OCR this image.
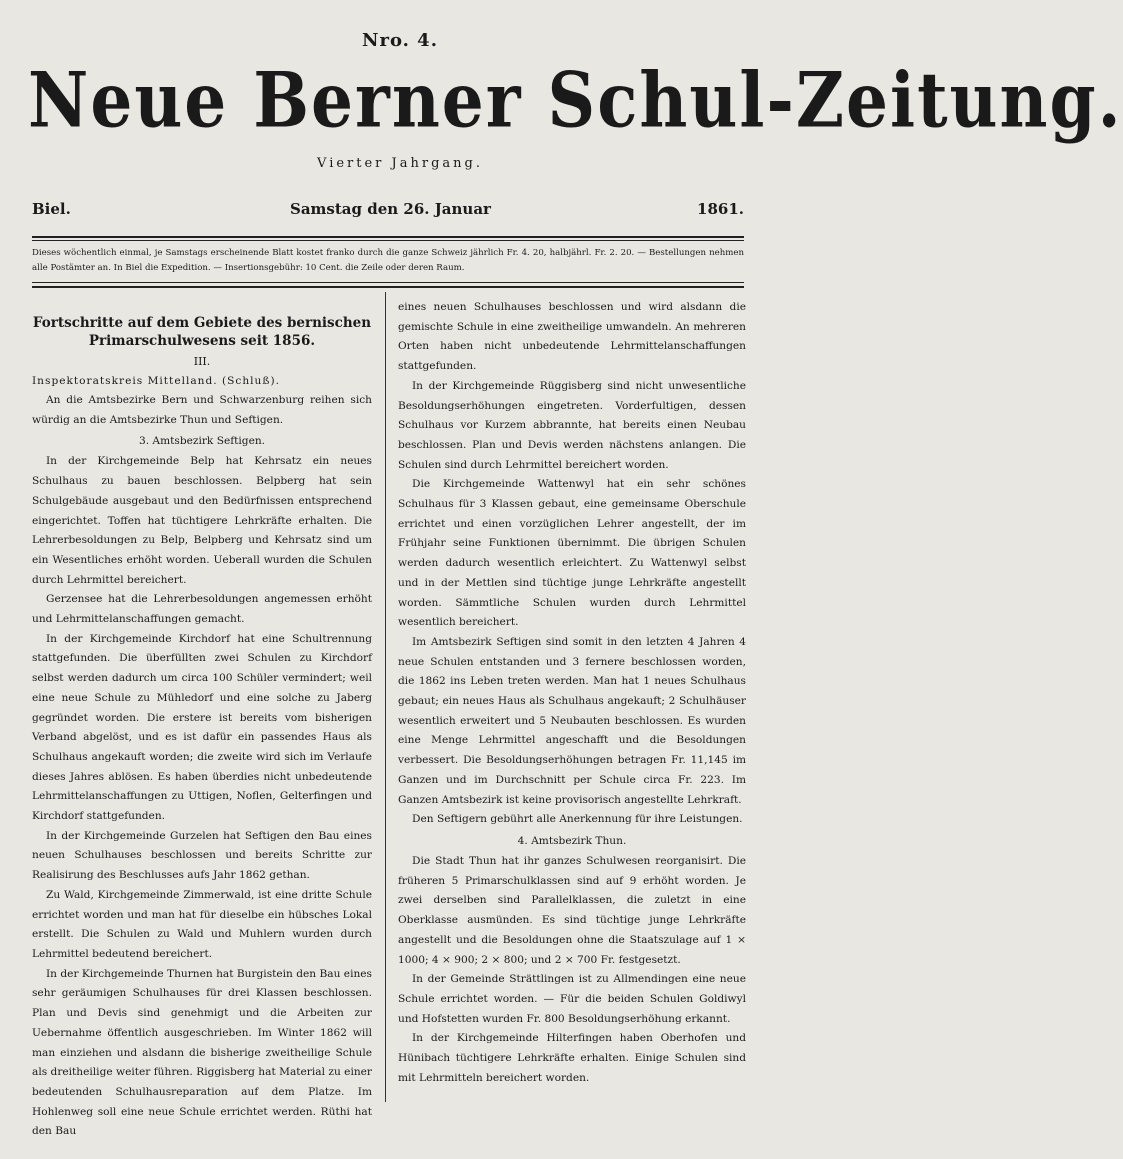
Nro. 4.
Neue Berner Schul-Zeitung.
Vierter Jahrgang.
Biel.	Samstag den 26. Januar	1861.
Dieses wöchentlich einmal, je Samstags erscheinende Blatt kostet franko durch die ganze Schweiz jährlich Fr. 4. 20, halbjährl. Fr. 2. 20. — Bestellungen nehmen alle Postämter an. In Biel die Expedition. — Insertionsgebühr: 10 Cent. die Zeile oder deren Raum.
Fortschritte auf dem Gebiete des bernischen Primarschulwesens seit 1856.
III.
Inspektoratskreis Mittelland. (Schluß).

An die Amtsbezirke Bern und Schwarzenburg reihen sich würdig an die Amtsbezirke Thun und Seftigen.

3. Amtsbezirk Seftigen.

In der Kirchgemeinde Belp hat Kehrsatz ein neues Schulhaus zu bauen beschlossen. Belpberg hat sein Schulgebäude ausgebaut und den Bedürfnissen entsprechend eingerichtet. Toffen hat tüchtigere Lehrkräfte erhalten. Die Lehrerbesoldungen zu Belp, Belpberg und Kehrsatz sind um ein Wesentliches erhöht worden. Ueberall wurden die Schulen durch Lehrmittel bereichert.

Gerzensee hat die Lehrerbesoldungen angemessen erhöht und Lehrmittelanschaffungen gemacht.

In der Kirchgemeinde Kirchdorf hat eine Schultrennung stattgefunden. Die überfüllten zwei Schulen zu Kirchdorf selbst werden dadurch um circa 100 Schüler vermindert; weil eine neue Schule zu Mühledorf und eine solche zu Jaberg gegründet worden. Die erstere ist bereits vom bisherigen Verband abgelöst, und es ist dafür ein passendes Haus als Schulhaus angekauft worden; die zweite wird sich im Verlaufe dieses Jahres ablösen. Es haben überdies nicht unbedeutende Lehrmittelanschaffungen zu Uttigen, Noflen, Gelterfingen und Kirchdorf stattgefunden.

In der Kirchgemeinde Gurzelen hat Seftigen den Bau eines neuen Schulhauses beschlossen und bereits Schritte zur Realisirung des Beschlusses aufs Jahr 1862 gethan.

Zu Wald, Kirchgemeinde Zimmerwald, ist eine dritte Schule errichtet worden und man hat für dieselbe ein hübsches Lokal erstellt. Die Schulen zu Wald und Muhlern wurden durch Lehrmittel bedeutend bereichert.

In der Kirchgemeinde Thurnen hat Burgistein den Bau eines sehr geräumigen Schulhauses für drei Klassen beschlossen. Plan und Devis sind genehmigt und die Arbeiten zur Uebernahme öffentlich ausgeschrieben. Im Winter 1862 will man einziehen und alsdann die bisherige zweitheilige Schule als dreitheilige weiter führen. Riggisberg hat Material zu einer bedeutenden Schulhausreparation auf dem Platze. Im Hohlenweg soll eine neue Schule errichtet werden. Rüthi hat den Bau

eines neuen Schulhauses beschlossen und wird alsdann die gemischte Schule in eine zweitheilige umwandeln. An mehreren Orten haben nicht unbedeutende Lehrmittelanschaffungen stattgefunden.

In der Kirchgemeinde Rüggisberg sind nicht unwesentliche Besoldungserhöhungen eingetreten. Vorderfultigen, dessen Schulhaus vor Kurzem abbrannte, hat bereits einen Neubau beschlossen. Plan und Devis werden nächstens anlangen. Die Schulen sind durch Lehrmittel bereichert worden.

Die Kirchgemeinde Wattenwyl hat ein sehr schönes Schulhaus für 3 Klassen gebaut, eine gemeinsame Oberschule errichtet und einen vorzüglichen Lehrer angestellt, der im Frühjahr seine Funktionen übernimmt. Die übrigen Schulen werden dadurch wesentlich erleichtert. Zu Wattenwyl selbst und in der Mettlen sind tüchtige junge Lehrkräfte angestellt worden. Sämmtliche Schulen wurden durch Lehrmittel wesentlich bereichert.

Im Amtsbezirk Seftigen sind somit in den letzten 4 Jahren 4 neue Schulen entstanden und 3 fernere beschlossen worden, die 1862 ins Leben treten werden. Man hat 1 neues Schulhaus gebaut; ein neues Haus als Schulhaus angekauft; 2 Schulhäuser wesentlich erweitert und 5 Neubauten beschlossen. Es wurden eine Menge Lehrmittel angeschafft und die Besoldungen verbessert. Die Besoldungserhöhungen betragen Fr. 11,145 im Ganzen und im Durchschnitt per Schule circa Fr. 223. Im Ganzen Amtsbezirk ist keine provisorisch angestellte Lehrkraft.

Den Seftigern gebührt alle Anerkennung für ihre Leistungen.

4. Amtsbezirk Thun.

Die Stadt Thun hat ihr ganzes Schulwesen reorganisirt. Die früheren 5 Primarschulklassen sind auf 9 erhöht worden. Je zwei derselben sind Parallelklassen, die zuletzt in eine Oberklasse ausmünden. Es sind tüchtige junge Lehrkräfte angestellt und die Besoldungen ohne die Staatszulage auf 1 × 1000; 4 × 900; 2 × 800; und 2 × 700 Fr. festgesetzt.

In der Gemeinde Strättlingen ist zu Allmendingen eine neue Schule errichtet worden. — Für die beiden Schulen Goldiwyl und Hofstetten wurden Fr. 800 Besoldungserhöhung erkannt.

In der Kirchgemeinde Hilterfingen haben Oberhofen und Hünibach tüchtigere Lehrkräfte erhalten. Einige Schulen sind mit Lehrmitteln bereichert worden.
